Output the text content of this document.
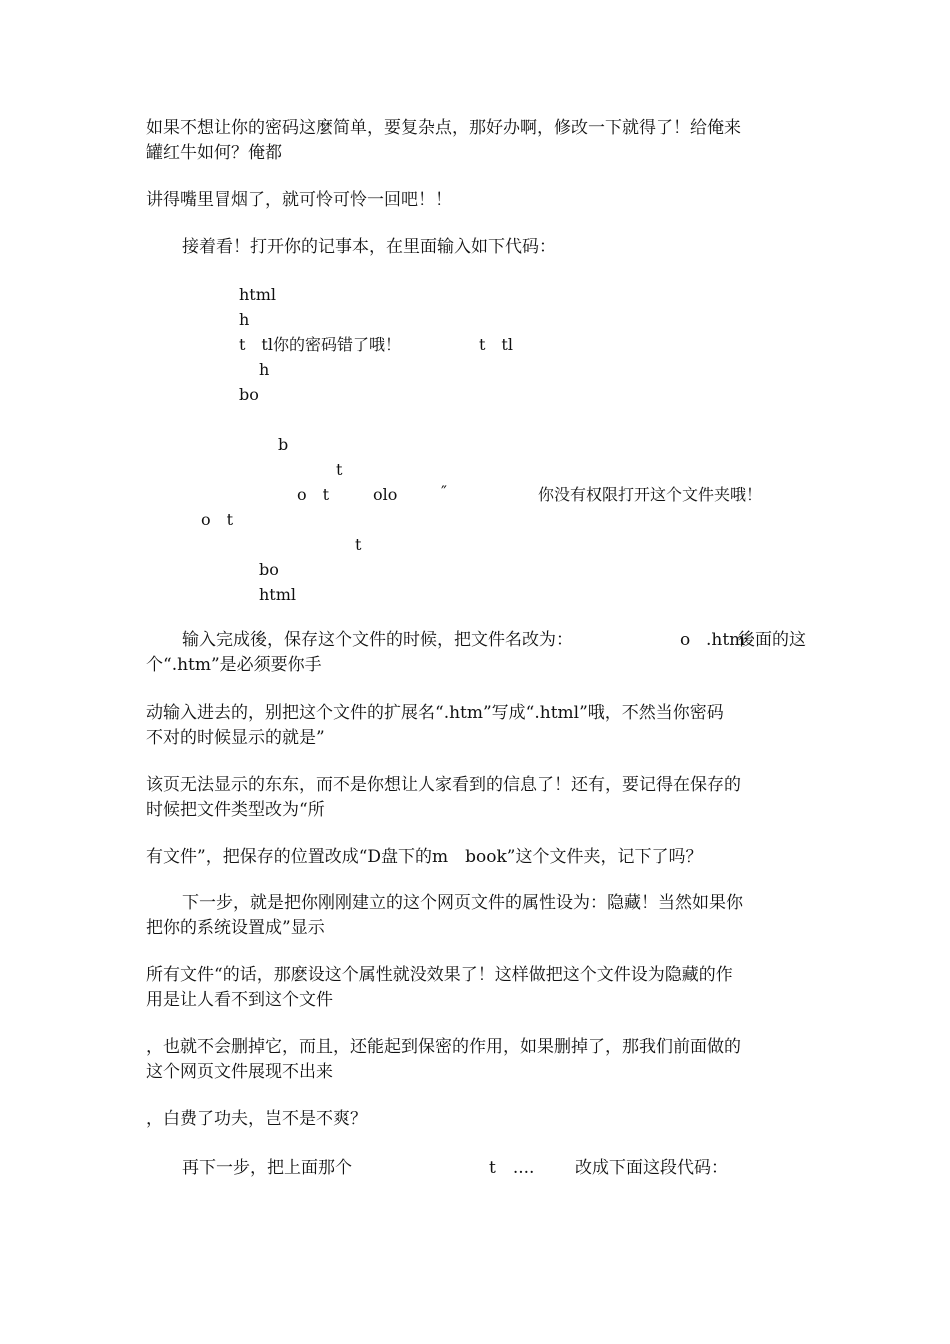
如果不想让你的密码这麼简单，要复杂点，那好办啊，修改一下就得了！给俺来

罐红牛如何？俺都

讲得嘴里冒烟了，就可怜可怜一回吧！！

接着看！打开你的记事本，在里面输入如下代码：

html

h

t　tl你的密码错了哦！	t　tl

h

bo

b

t

o　t	olo	″	你没有权限打开这个文件夹哦！

o　t

t

bo

html

输入完成後，保存这个文件的时候，把文件名改为：	o .htm

後面的这

个“.htm”是必须要你手

动输入进去的，别把这个文件的扩展名“.htm”写成“.html”哦，不然当你密码

不对的时候显示的就是”

该页无法显示的东东，而不是你想让人家看到的信息了！还有，要记得在保存的

时候把文件类型改为“所

有文件”，把保存的位置改成“D盘下的m　book”这个文件夹，记下了吗？

下一步，就是把你刚刚建立的这个网页文件的属性设为：隐藏！当然如果你

把你的系统设置成”显示

所有文件“的话，那麽设这个属性就没效果了！这样做把这个文件设为隐藏的作

用是让人看不到这个文件

，也就不会删掉它，而且，还能起到保密的作用，如果删掉了，那我们前面做的

这个网页文件展现不出来

，白费了功夫，岂不是不爽？

再下一步，把上面那个	t　.... 改成下面这段代码：
